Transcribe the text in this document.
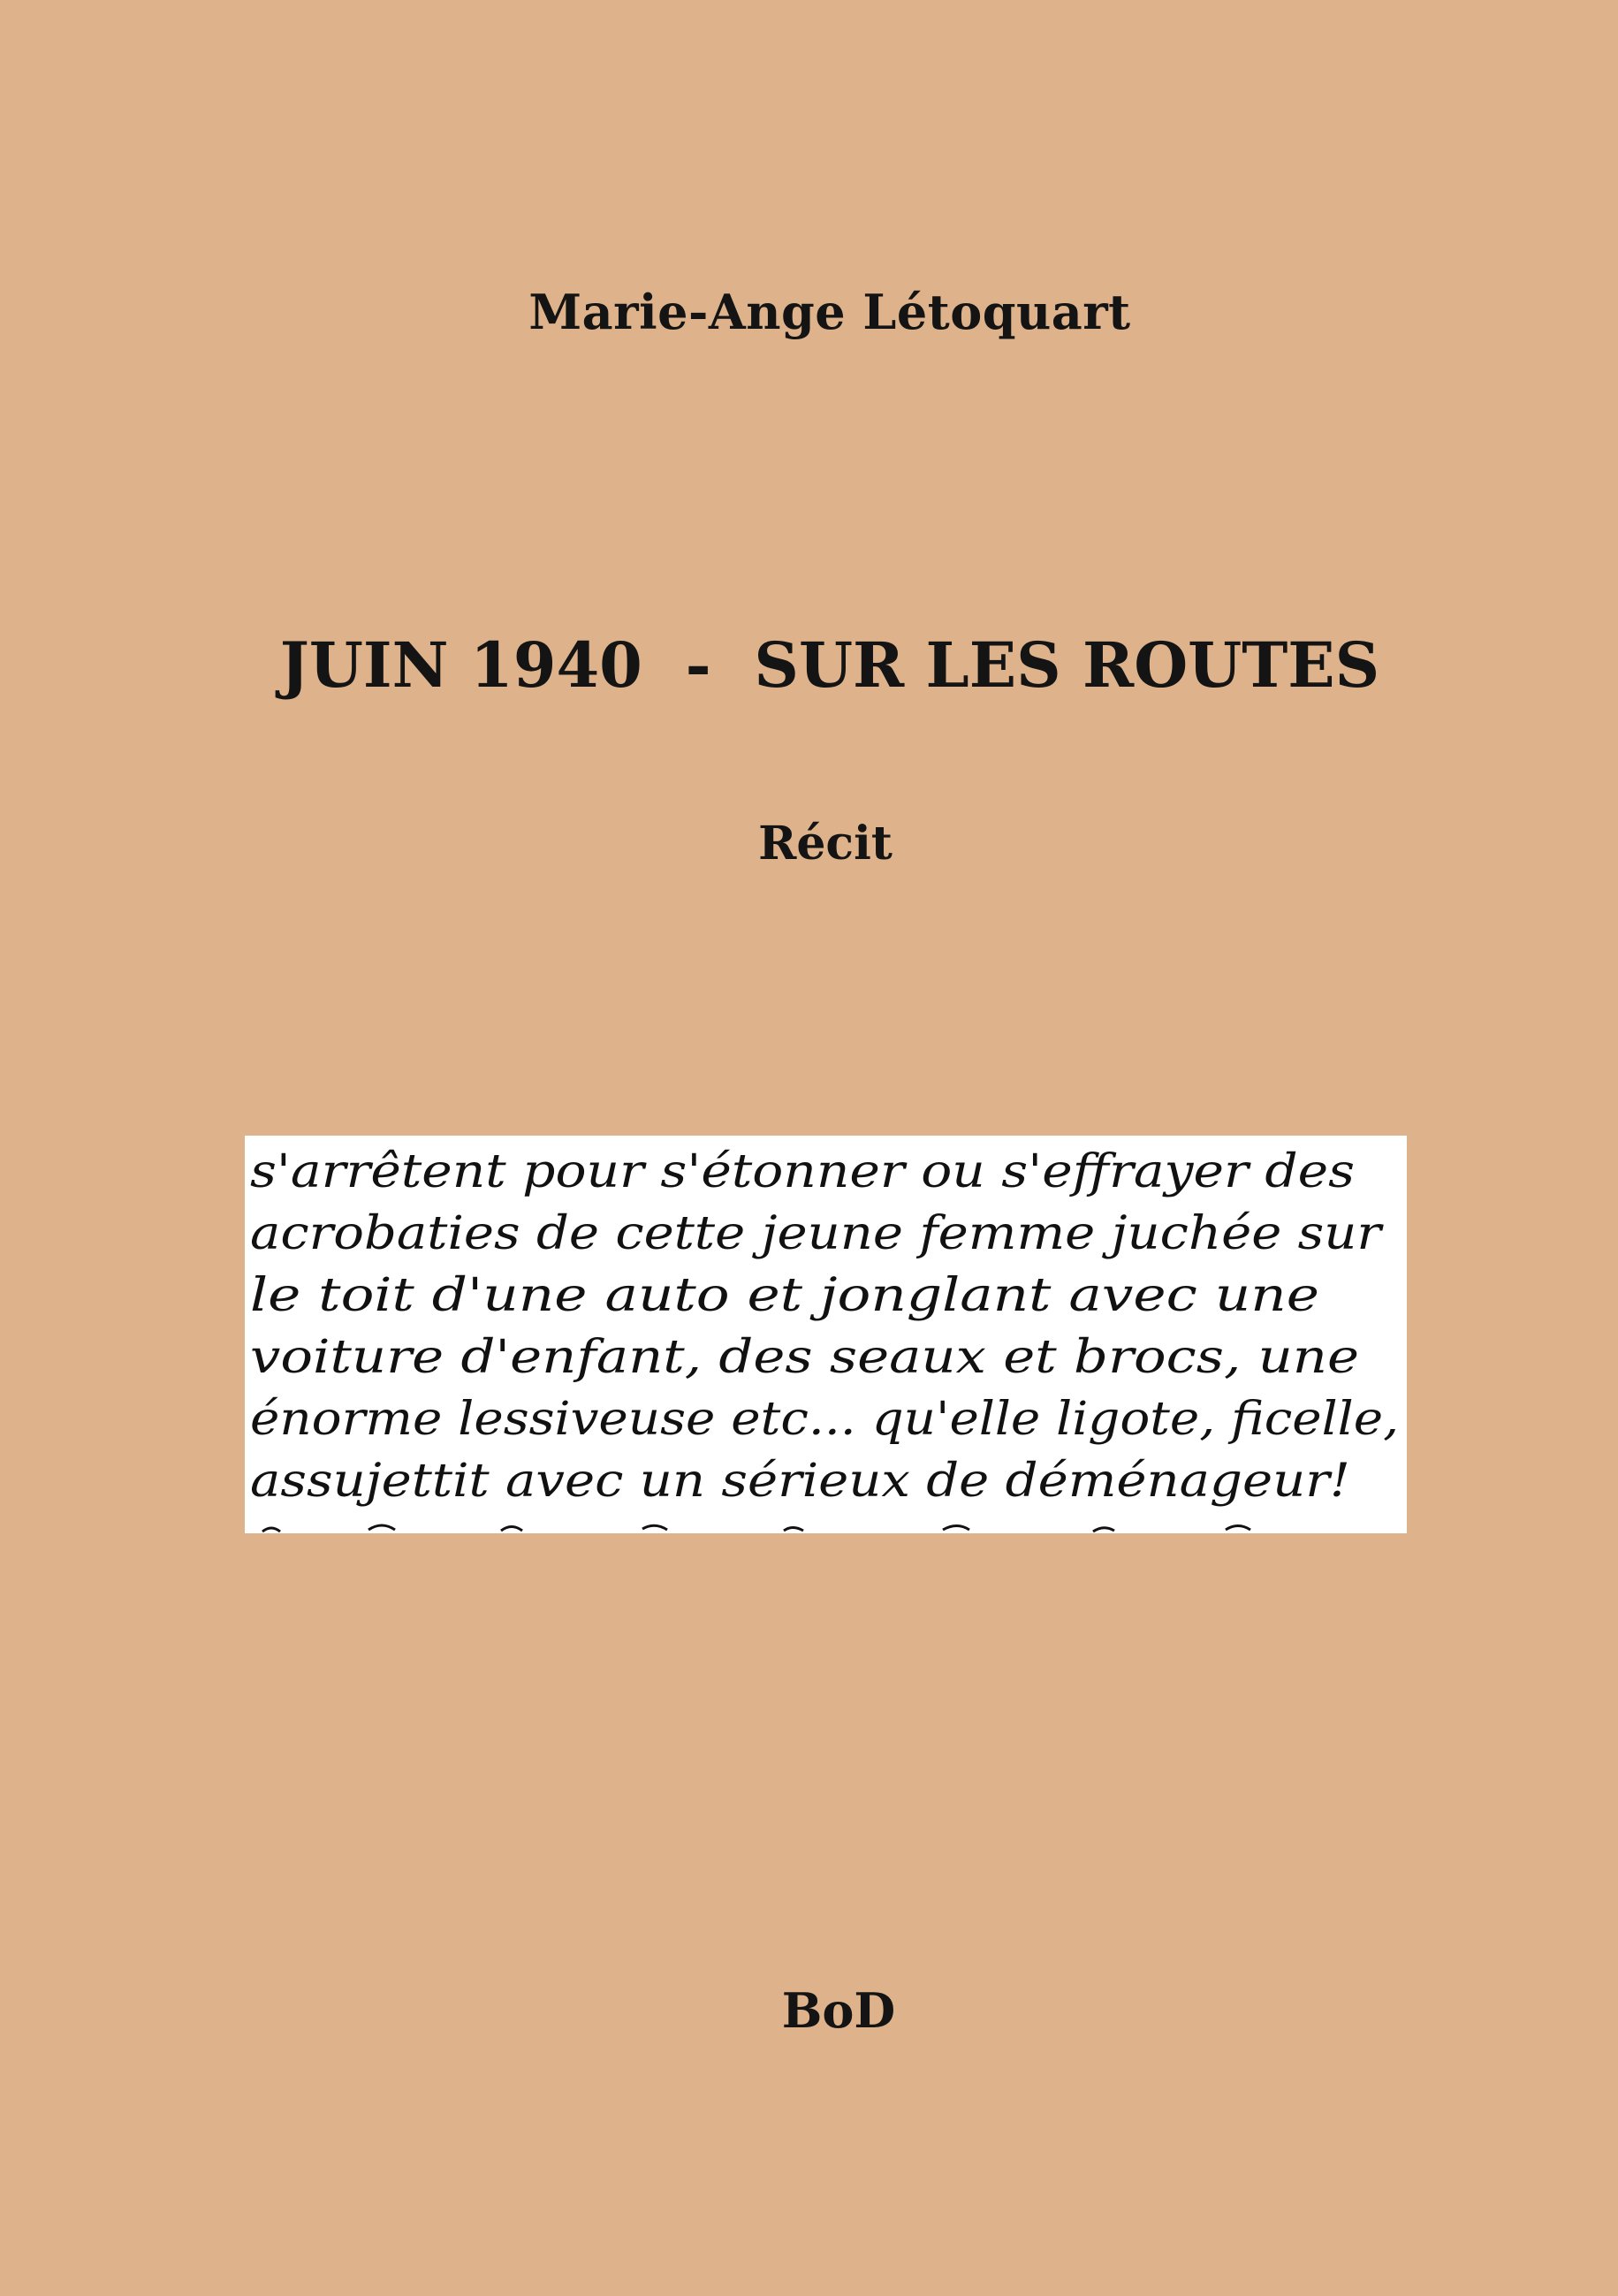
Marie-Ange Létoquart
JUIN 1940  -  SUR LES ROUTES
Récit
s'arrêtent pour s'étonner ou s'effrayer des
acrobaties de cette jeune femme juchée sur
le toit d'une auto et jonglant avec une
voiture d'enfant, des seaux et brocs, une
énorme lessiveuse etc... qu'elle ligote, ficelle,
assujettit avec un sérieux de déménageur!
BoD
